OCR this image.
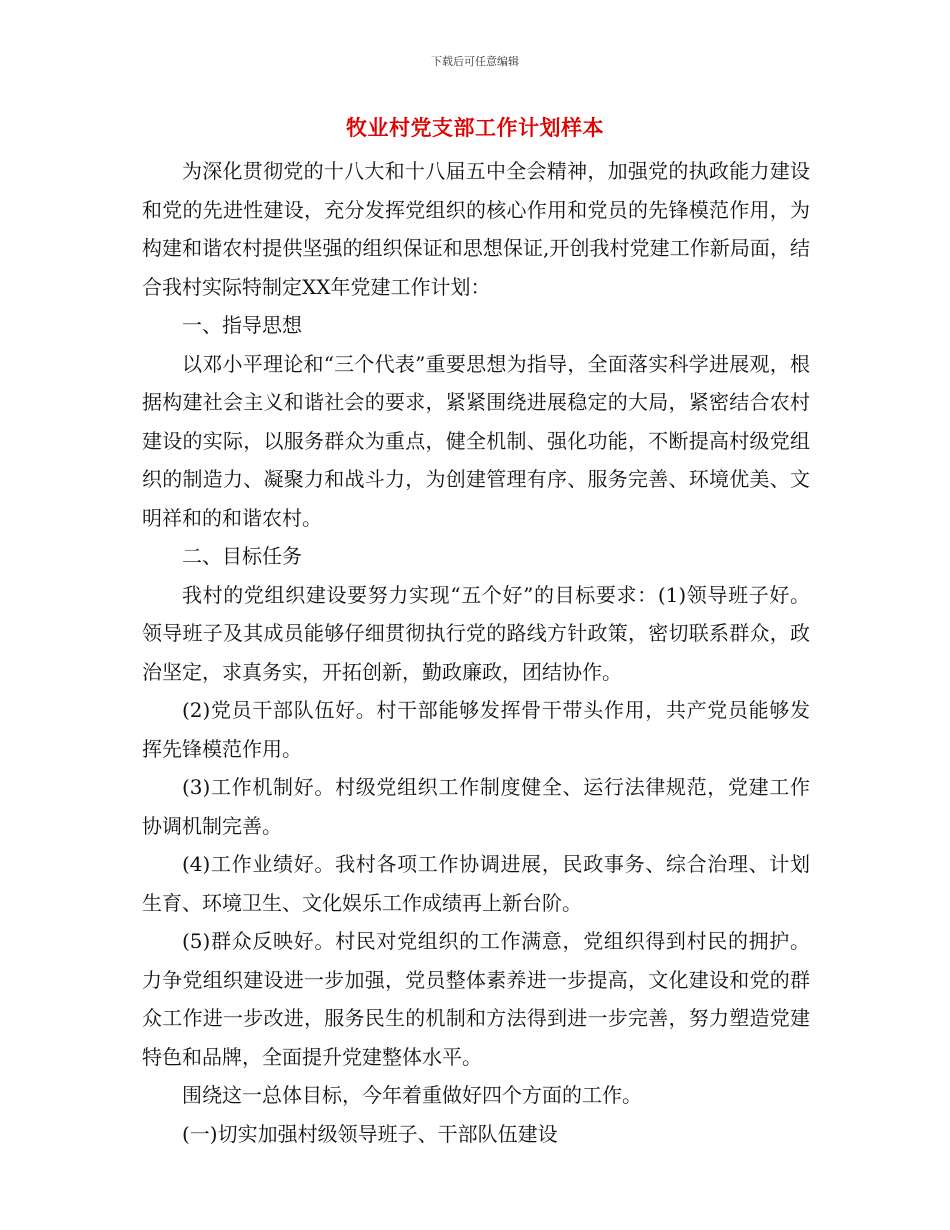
下载后可任意编辑
牧业村党支部工作计划样本

为深化贯彻党的十八大和十八届五中全会精神，加强党的执政能力建设和党的先进性建设，充分发挥党组织的核心作用和党员的先锋模范作用，为构建和谐农村提供坚强的组织保证和思想保证,开创我村党建工作新局面，结合我村实际特制定XX年党建工作计划：

一、指导思想

以邓小平理论和“三个代表”重要思想为指导，全面落实科学进展观，根据构建社会主义和谐社会的要求，紧紧围绕进展稳定的大局，紧密结合农村建设的实际，以服务群众为重点，健全机制、强化功能，不断提高村级党组织的制造力、凝聚力和战斗力，为创建管理有序、服务完善、环境优美、文明祥和的和谐农村。

二、目标任务

我村的党组织建设要努力实现“五个好”的目标要求：(1)领导班子好。领导班子及其成员能够仔细贯彻执行党的路线方针政策，密切联系群众，政治坚定，求真务实，开拓创新，勤政廉政，团结协作。

(2)党员干部队伍好。村干部能够发挥骨干带头作用，共产党员能够发挥先锋模范作用。

(3)工作机制好。村级党组织工作制度健全、运行法律规范，党建工作协调机制完善。

(4)工作业绩好。我村各项工作协调进展，民政事务、综合治理、计划生育、环境卫生、文化娱乐工作成绩再上新台阶。

(5)群众反映好。村民对党组织的工作满意，党组织得到村民的拥护。力争党组织建设进一步加强，党员整体素养进一步提高，文化建设和党的群众工作进一步改进，服务民生的机制和方法得到进一步完善，努力塑造党建特色和品牌，全面提升党建整体水平。

围绕这一总体目标，今年着重做好四个方面的工作。

(一)切实加强村级领导班子、干部队伍建设
